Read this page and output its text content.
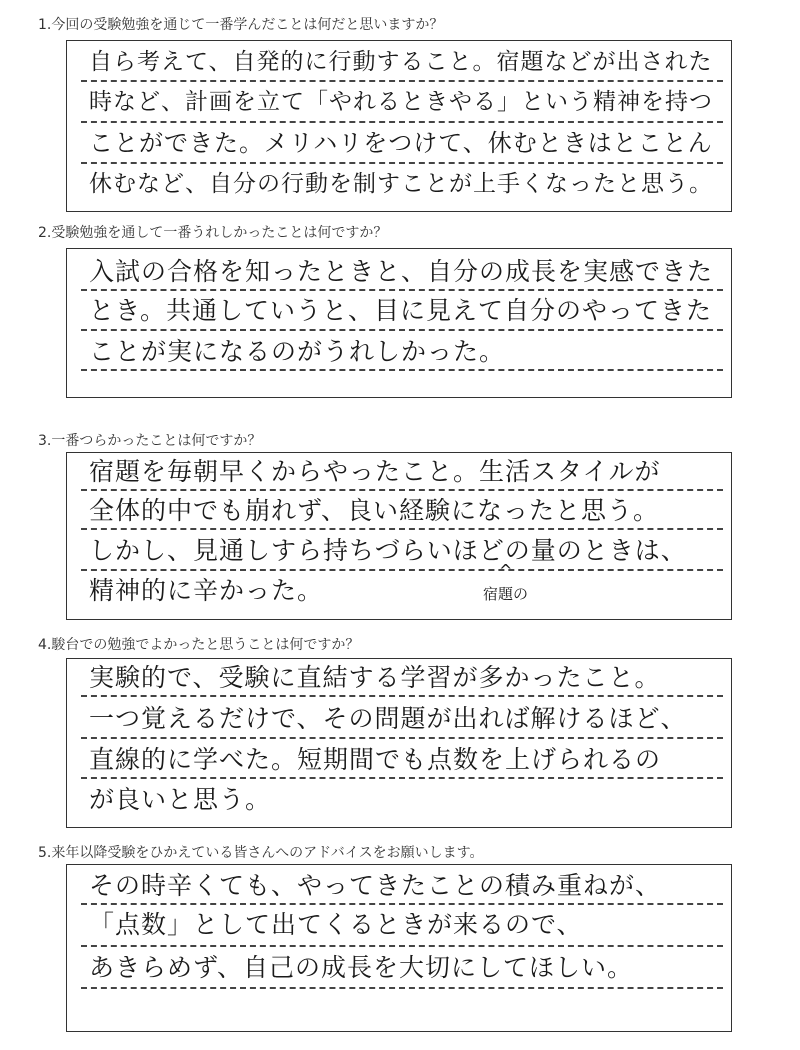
1.今回の受験勉強を通じて一番学んだことは何だと思いますか？
自ら考えて、自発的に行動すること。宿題などが出された
時など、計画を立て「やれるときやる」という精神を持つ
ことができた。メリハリをつけて、休むときはとことん
休むなど、自分の行動を制すことが上手くなったと思う。
2.受験勉強を通して一番うれしかったことは何ですか？
入試の合格を知ったときと、自分の成長を実感できた
とき。共通していうと、目に見えて自分のやってきた
ことが実になるのがうれしかった。
3.一番つらかったことは何ですか？
宿題を毎朝早くからやったこと。生活スタイルが
全体的中でも崩れず、良い経験になったと思う。
しかし、見通しすら持ちづらいほどの量のときは、
精神的に辛かった。
^
宿題の
4.駿台での勉強でよかったと思うことは何ですか？
実験的で、受験に直結する学習が多かったこと。
一つ覚えるだけで、その問題が出れば解けるほど、
直線的に学べた。短期間でも点数を上げられるの
が良いと思う。
5.来年以降受験をひかえている皆さんへのアドバイスをお願いします。
その時辛くても、やってきたことの積み重ねが、
「点数」として出てくるときが来るので、
あきらめず、自己の成長を大切にしてほしい。
